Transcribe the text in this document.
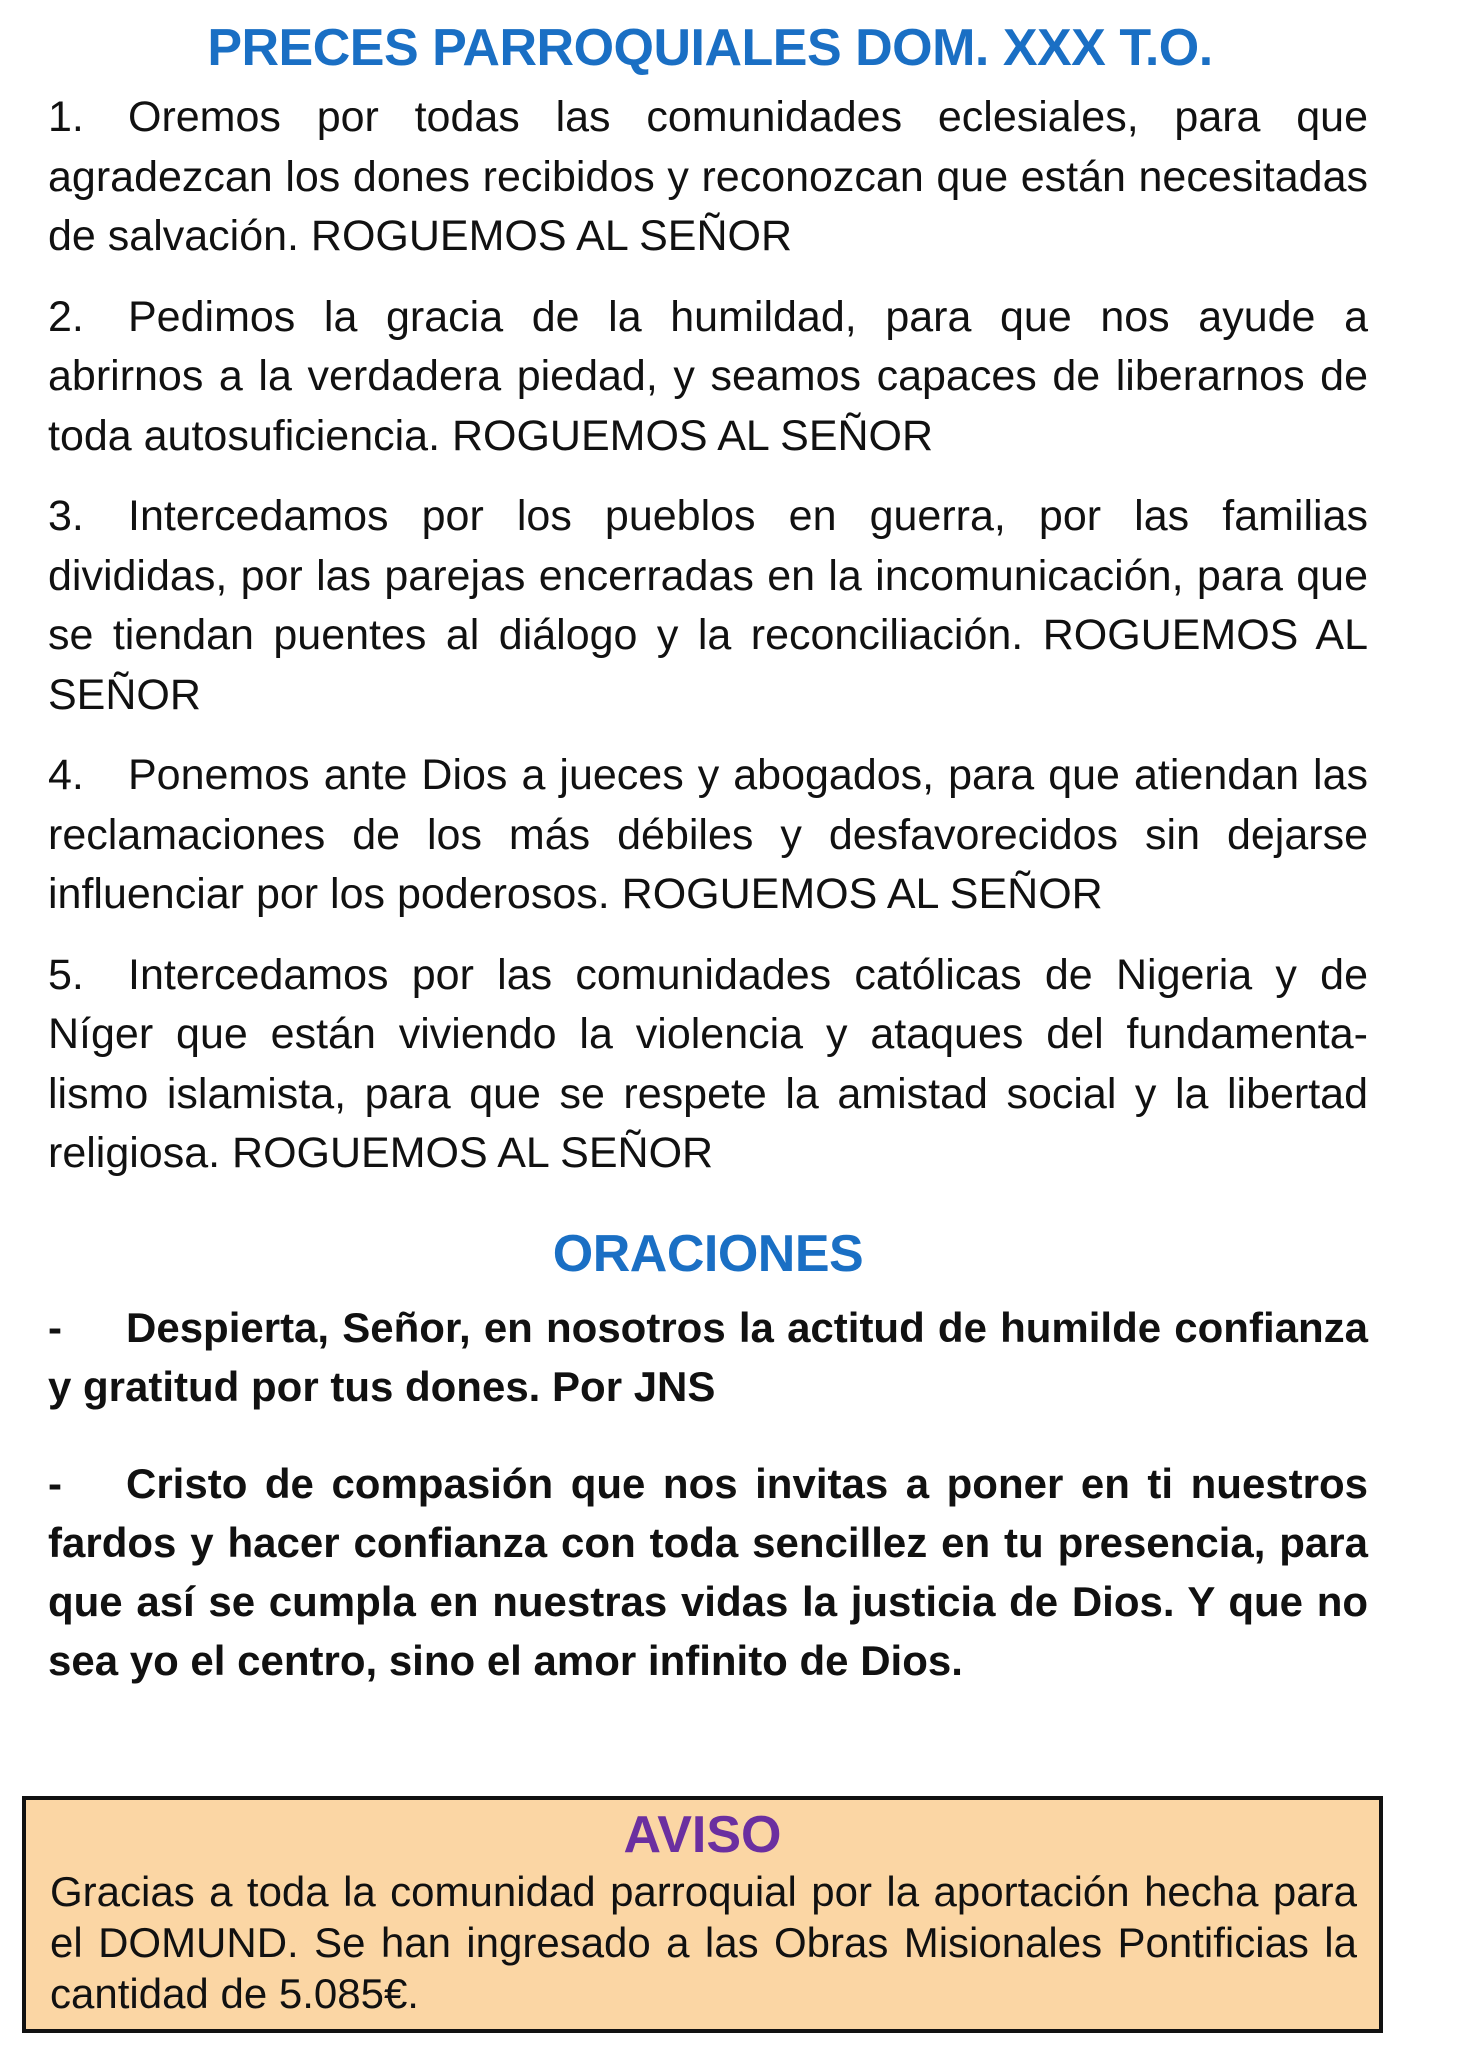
PRECES PARROQUIALES DOM. XXX T.O.

1. Oremos por todas las comunidades eclesiales, para que agradezcan los dones recibidos y reconozcan que están necesitadas de salvación. ROGUEMOS AL SEÑOR

2. Pedimos la gracia de la humildad, para que nos ayude a abrirnos a la verdadera piedad, y seamos capaces de liberarnos de toda autosuficiencia. ROGUEMOS AL SEÑOR

3. Intercedamos por los pueblos en guerra, por las familias divididas, por las parejas encerradas en la incomunicación, para que se tiendan puentes al diálogo y la reconciliación. ROGUEMOS AL SEÑOR

4. Ponemos ante Dios a jueces y abogados, para que atiendan las reclamaciones de los más débiles y desfavorecidos sin dejarse influenciar por los poderosos. ROGUEMOS AL SEÑOR

5. Intercedamos por las comunidades católicas de Nigeria y de Níger que están viviendo la violencia y ataques del fundamenta-lismo islamista, para que se respete la amistad social y la libertad religiosa. ROGUEMOS AL SEÑOR

ORACIONES

- Despierta, Señor, en nosotros la actitud de humilde confianza y gratitud por tus dones. Por JNS

- Cristo de compasión que nos invitas a poner en ti nuestros fardos y hacer confianza con toda sencillez en tu presencia, para que así se cumpla en nuestras vidas la justicia de Dios. Y que no sea yo el centro, sino el amor infinito de Dios.

AVISO
Gracias a toda la comunidad parroquial por la aportación hecha para el DOMUND. Se han ingresado a las Obras Misionales Pontificias la cantidad de 5.085€.
